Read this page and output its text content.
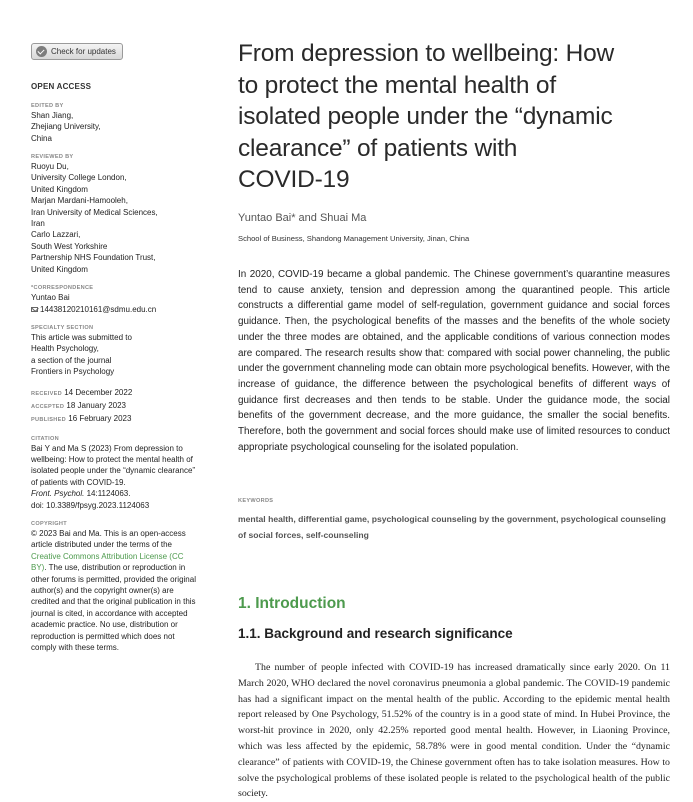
Check for updates
OPEN ACCESS
EDITED BY
Shan Jiang,
Zhejiang University,
China
REVIEWED BY
Ruoyu Du,
University College London,
United Kingdom
Marjan Mardani-Hamooleh,
Iran University of Medical Sciences,
Iran
Carlo Lazzari,
South West Yorkshire
Partnership NHS Foundation Trust,
United Kingdom
*CORRESPONDENCE
Yuntao Bai
14438120210161@sdmu.edu.cn
SPECIALTY SECTION
This article was submitted to
Health Psychology,
a section of the journal
Frontiers in Psychology
RECEIVED 14 December 2022
ACCEPTED 18 January 2023
PUBLISHED 16 February 2023
CITATION
Bai Y and Ma S (2023) From depression to
wellbeing: How to protect the mental health of
isolated people under the “dynamic clearance”
of patients with COVID-19.
Front. Psychol. 14:1124063.
doi: 10.3389/fpsyg.2023.1124063
COPYRIGHT
© 2023 Bai and Ma. This is an open-access
article distributed under the terms of the
Creative Commons Attribution License (CC
BY). The use, distribution or reproduction in
other forums is permitted, provided the original
author(s) and the copyright owner(s) are
credited and that the original publication in this
journal is cited, in accordance with accepted
academic practice. No use, distribution or
reproduction is permitted which does not
comply with these terms.
From depression to wellbeing: How
to protect the mental health of
isolated people under the “dynamic
clearance” of patients with
COVID-19
Yuntao Bai* and Shuai Ma
School of Business, Shandong Management University, Jinan, China

In 2020, COVID-19 became a global pandemic. The Chinese government’s quarantine measures tend to cause anxiety, tension and depression among the quarantined people. This article constructs a differential game model of self-regulation, government guidance and social forces guidance. Then, the psychological benefits of the masses and the benefits of the whole society under the three modes are obtained, and the applicable conditions of various connection modes are compared. The research results show that: compared with social power channeling, the public under the government channeling mode can obtain more psychological benefits. However, with the increase of guidance, the difference between the psychological benefits of different ways of guidance first decreases and then tends to be stable. Under the guidance mode, the social benefits of the government decrease, and the more guidance, the smaller the social benefits. Therefore, both the government and social forces should make use of limited resources to conduct appropriate psychological counseling for the isolated population.

KEYWORDS
mental health, differential game, psychological counseling by the government, psychological counseling of social forces, self-counseling
1. Introduction
1.1. Background and research significance

The number of people infected with COVID-19 has increased dramatically since early 2020. On 11 March 2020, WHO declared the novel coronavirus pneumonia a global pandemic. The COVID-19 pandemic has had a significant impact on the mental health of the public. According to the epidemic mental health report released by One Psychology, 51.52% of the country is in a good state of mind. In Hubei Province, the worst-hit province in 2020, only 42.25% reported good mental health. However, in Liaoning Province, which was less affected by the epidemic, 58.78% were in good mental condition. Under the “dynamic clearance” of patients with COVID-19, the Chinese government often has to take isolation measures. How to solve the psychological problems of these isolated people is related to the psychological health of the public society.
